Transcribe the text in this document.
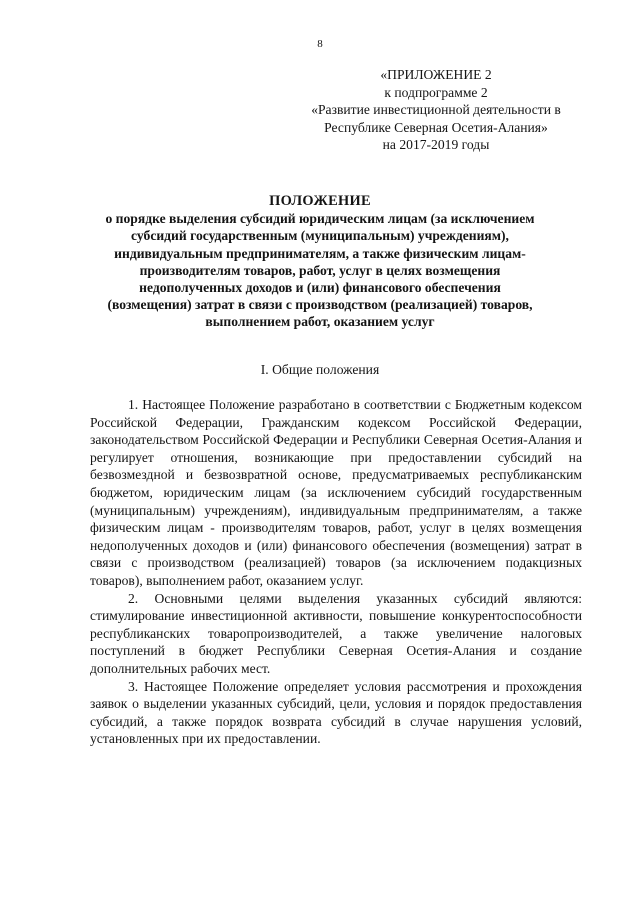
8
«ПРИЛОЖЕНИЕ 2
к подпрограмме 2
«Развитие инвестиционной деятельности в
Республике Северная Осетия-Алания»
на 2017-2019 годы
ПОЛОЖЕНИЕ
о порядке выделения субсидий юридическим лицам (за исключением
субсидий государственным (муниципальным) учреждениям),
индивидуальным предпринимателям, а также физическим лицам-
производителям товаров, работ, услуг в целях возмещения
недополученных доходов и (или) финансового обеспечения
(возмещения) затрат в связи с производством (реализацией) товаров,
выполнением работ, оказанием услуг
I. Общие положения

1. Настоящее Положение разработано в соответствии с Бюджетным кодексом Российской Федерации, Гражданским кодексом Российской Федерации, законодательством Российской Федерации и Республики Северная Осетия-Алания и регулирует отношения, возникающие при предоставлении субсидий на безвозмездной и безвозвратной основе, предусматриваемых республиканским бюджетом, юридическим лицам (за исключением субсидий государственным (муниципальным) учреждениям), индивидуальным предпринимателям, а также физическим лицам - производителям товаров, работ, услуг в целях возмещения недополученных доходов и (или) финансового обеспечения (возмещения) затрат в связи с производством (реализацией) товаров (за исключением подакцизных товаров), выполнением работ, оказанием услуг.

2. Основными целями выделения указанных субсидий являются: стимулирование инвестиционной активности, повышение конкурентоспособности республиканских товаропроизводителей, а также увеличение налоговых поступлений в бюджет Республики Северная Осетия-Алания и создание дополнительных рабочих мест.

3. Настоящее Положение определяет условия рассмотрения и прохождения заявок о выделении указанных субсидий, цели, условия и порядок предоставления субсидий, а также порядок возврата субсидий в случае нарушения условий, установленных при их предоставлении.
